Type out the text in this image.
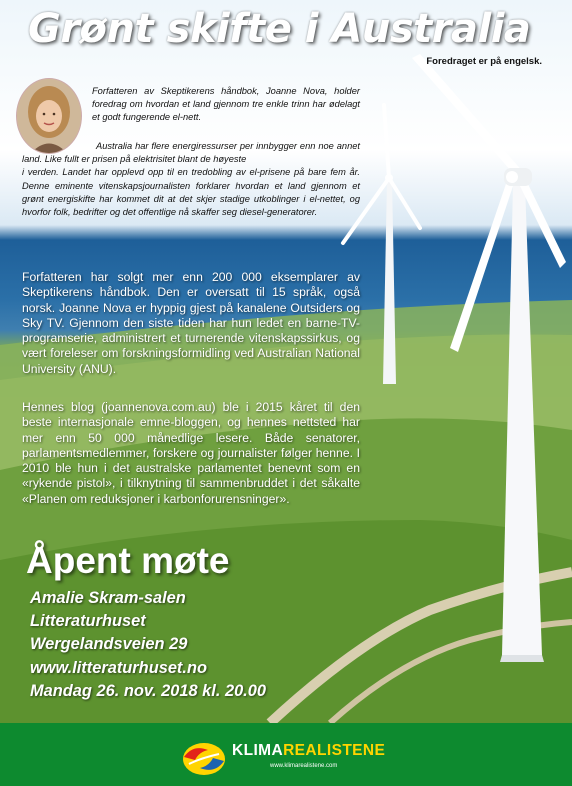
Grønt skifte i Australia
Foredraget er på engelsk.

Forfatteren av Skeptikerens håndbok, Joanne Nova, holder foredrag om hvordan et land gjennom tre enkle trinn har ødelagt et godt fungerende el-nett.

Australia har flere energiressurser per innbygger enn noe annet land. Like fullt er prisen på elektrisitet blant de høyeste
i verden. Landet har opplevd opp til en tredobling av el-prisene på bare fem år. Denne eminente vitenskapsjournalisten forklarer hvordan et land gjennom et grønt energiskifte har kommet dit at det skjer stadige utkoblinger i el-nettet, og hvorfor folk, bedrifter og det offentlige nå skaffer seg diesel-generatorer.

Forfatteren har solgt mer enn 200 000 eksemplarer av Skeptikerens håndbok. Den er oversatt til 15 språk, også norsk. Joanne Nova er hyppig gjest på kanalene Outsiders og Sky TV. Gjennom den siste tiden har hun ledet en barne-TV-programserie, administrert et turnerende vitenskapssirkus, og vært foreleser om forskningsformidling ved Australian National University (ANU).

Hennes blog (joannenova.com.au) ble i 2015 kåret til den beste internasjonale emne-bloggen, og hennes nettsted har mer enn 50 000 månedlige lesere. Både senatorer, parlamentsmedlemmer, forskere og journalister følger henne. I 2010 ble hun i det australske parlamentet benevnt som en «rykende pistol», i tilknytning til sammenbruddet i det såkalte «Planen om reduksjoner i karbonforurensninger».

Åpent møte
Amalie Skram-salen
Litteraturhuset
Wergelandsveien 29
www.litteraturhuset.no
Mandag 26. nov. 2018 kl. 20.00
KLIMAREALISTENE
www.klimarealistene.com
